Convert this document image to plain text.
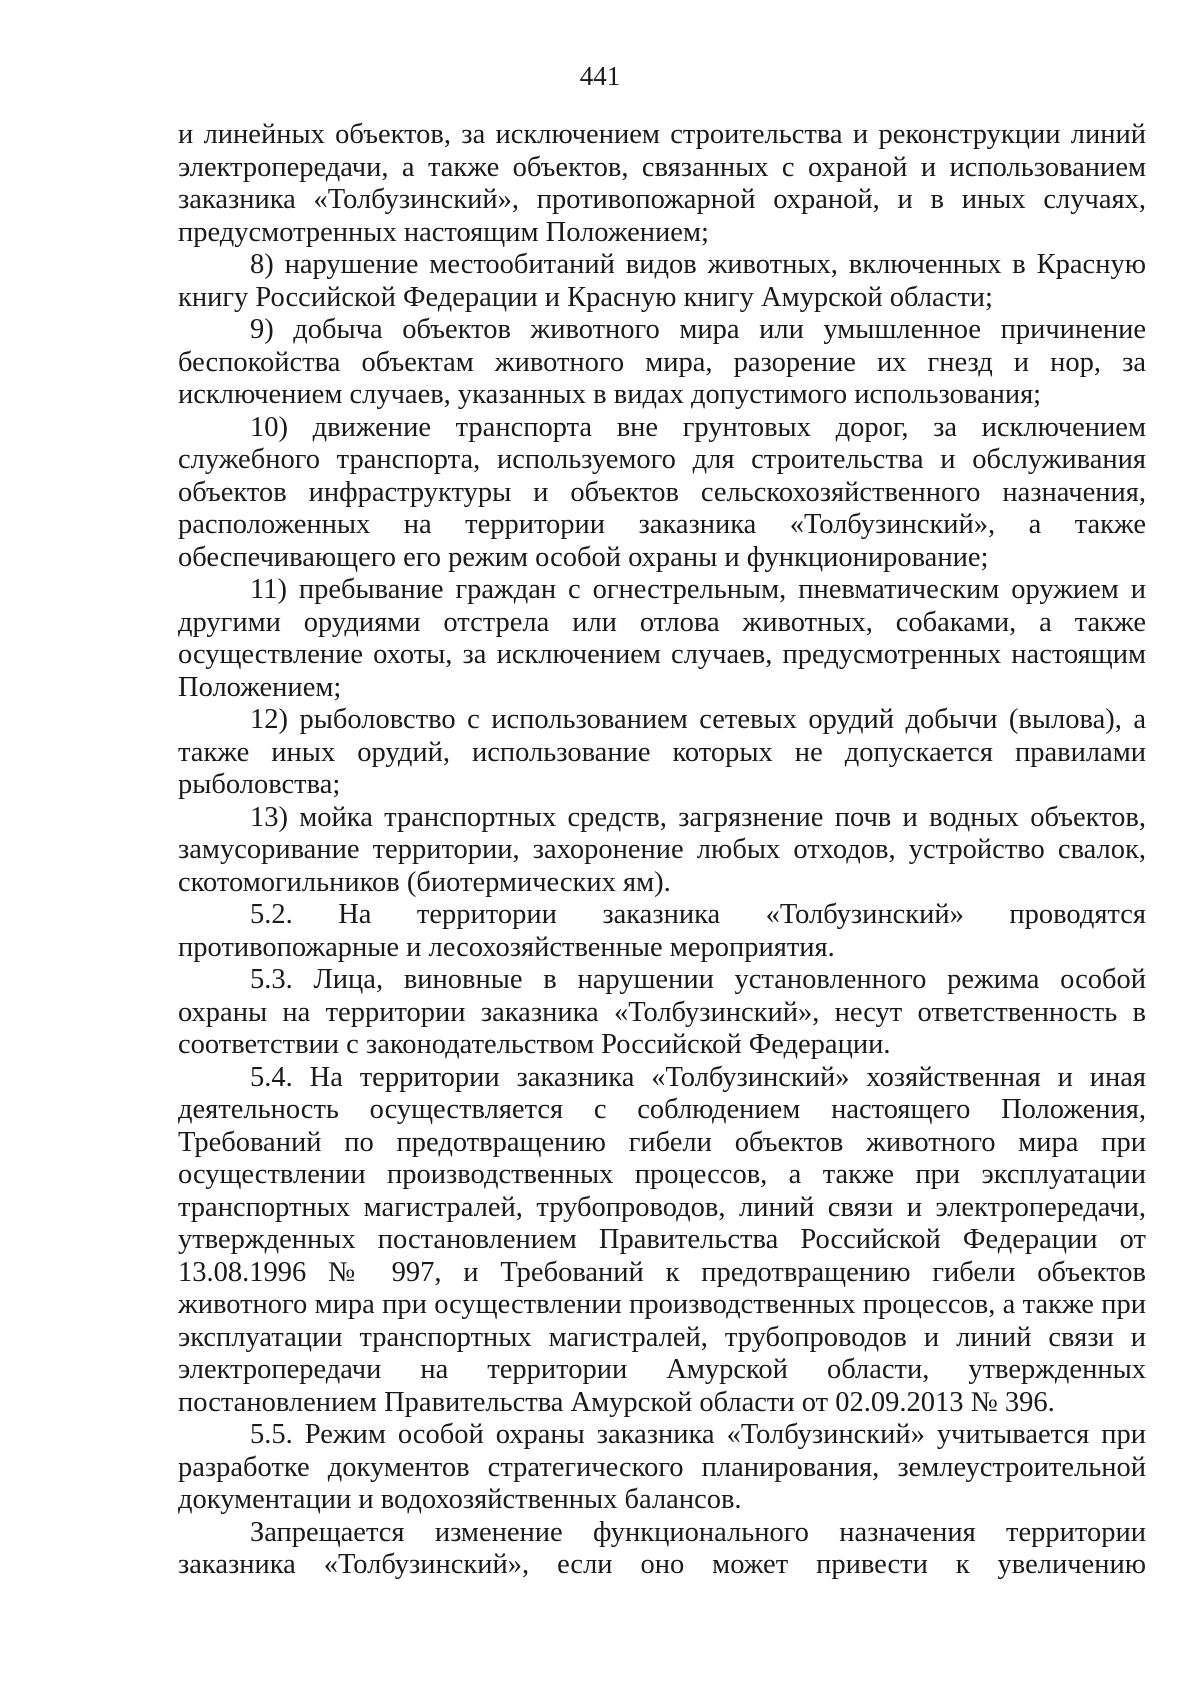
441

и линейных объектов, за исключением строительства и реконструкции линий электропередачи, а также объектов, связанных с охраной и использованием заказника «Толбузинский», противопожарной охраной, и в иных случаях, предусмотренных настоящим Положением;

8) нарушение местообитаний видов животных, включенных в Красную книгу Российской Федерации и Красную книгу Амурской области;

9) добыча объектов животного мира или умышленное причинение беспокойства объектам животного мира, разорение их гнезд и нор, за исключением случаев, указанных в видах допустимого использования;

10) движение транспорта вне грунтовых дорог, за исключением служебного транспорта, используемого для строительства и обслуживания объектов инфраструктуры и объектов сельскохозяйственного назначения, расположенных на территории заказника «Толбузинский», а также обеспечивающего его режим особой охраны и функционирование;

11) пребывание граждан с огнестрельным, пневматическим оружием и другими орудиями отстрела или отлова животных, собаками, а также осуществление охоты, за исключением случаев, предусмотренных настоящим Положением;

12) рыболовство с использованием сетевых орудий добычи (вылова), а также иных орудий, использование которых не допускается правилами рыболовства;

13) мойка транспортных средств, загрязнение почв и водных объектов, замусоривание территории, захоронение любых отходов, устройство свалок, скотомогильников (биотермических ям).

5.2. На территории заказника «Толбузинский» проводятся противопожарные и лесохозяйственные мероприятия.

5.3. Лица, виновные в нарушении установленного режима особой охраны на территории заказника «Толбузинский», несут ответственность в соответствии с законодательством Российской Федерации.

5.4. На территории заказника «Толбузинский» хозяйственная и иная деятельность осуществляется с соблюдением настоящего Положения, Требований по предотвращению гибели объектов животного мира при осуществлении производственных процессов, а также при эксплуатации транспортных магистралей, трубопроводов, линий связи и электропередачи, утвержденных постановлением Правительства Российской Федерации от 13.08.1996 № 997, и Требований к предотвращению гибели объектов животного мира при осуществлении производственных процессов, а также при эксплуатации транспортных магистралей, трубопроводов и линий связи и электропередачи на территории Амурской области, утвержденных постановлением Правительства Амурской области от 02.09.2013 № 396.

5.5. Режим особой охраны заказника «Толбузинский» учитывается при разработке документов стратегического планирования, землеустроительной документации и водохозяйственных балансов.

Запрещается изменение функционального назначения территории заказника «Толбузинский», если оно может привести к увеличению
